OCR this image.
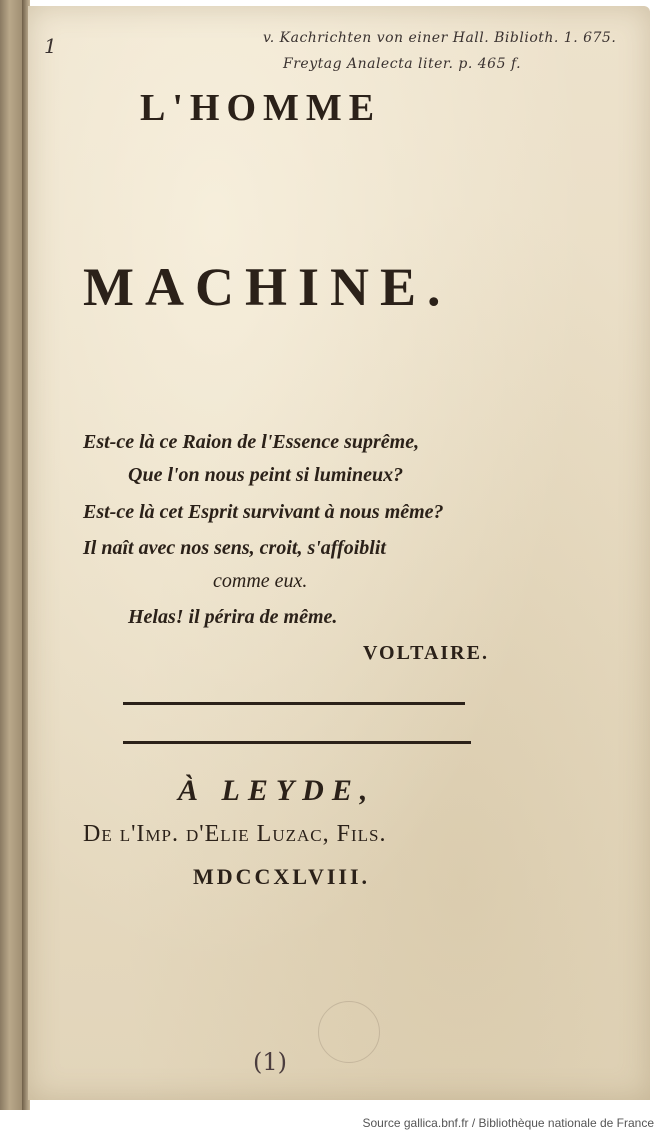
1	v. Kachrichten von einer Hall. Biblioth. 1. 675.
Freytag Analecta liter. p. 465 f.
L'HOMME
MACHINE.
Est-ce là ce Raion de l'Essence suprême,
Que l'on nous peint si lumineux?
Est-ce là cet Esprit survivant à nous même?
Il naît avec nos sens, croit, s'affoiblit
comme eux.
Helas! il périra de même.
VOLTAIRE.
À LEYDE,
De l'Imp. d'Elie Luzac, Fils.
MDCCXLVIII.
(1)
Source gallica.bnf.fr / Bibliothèque nationale de France
